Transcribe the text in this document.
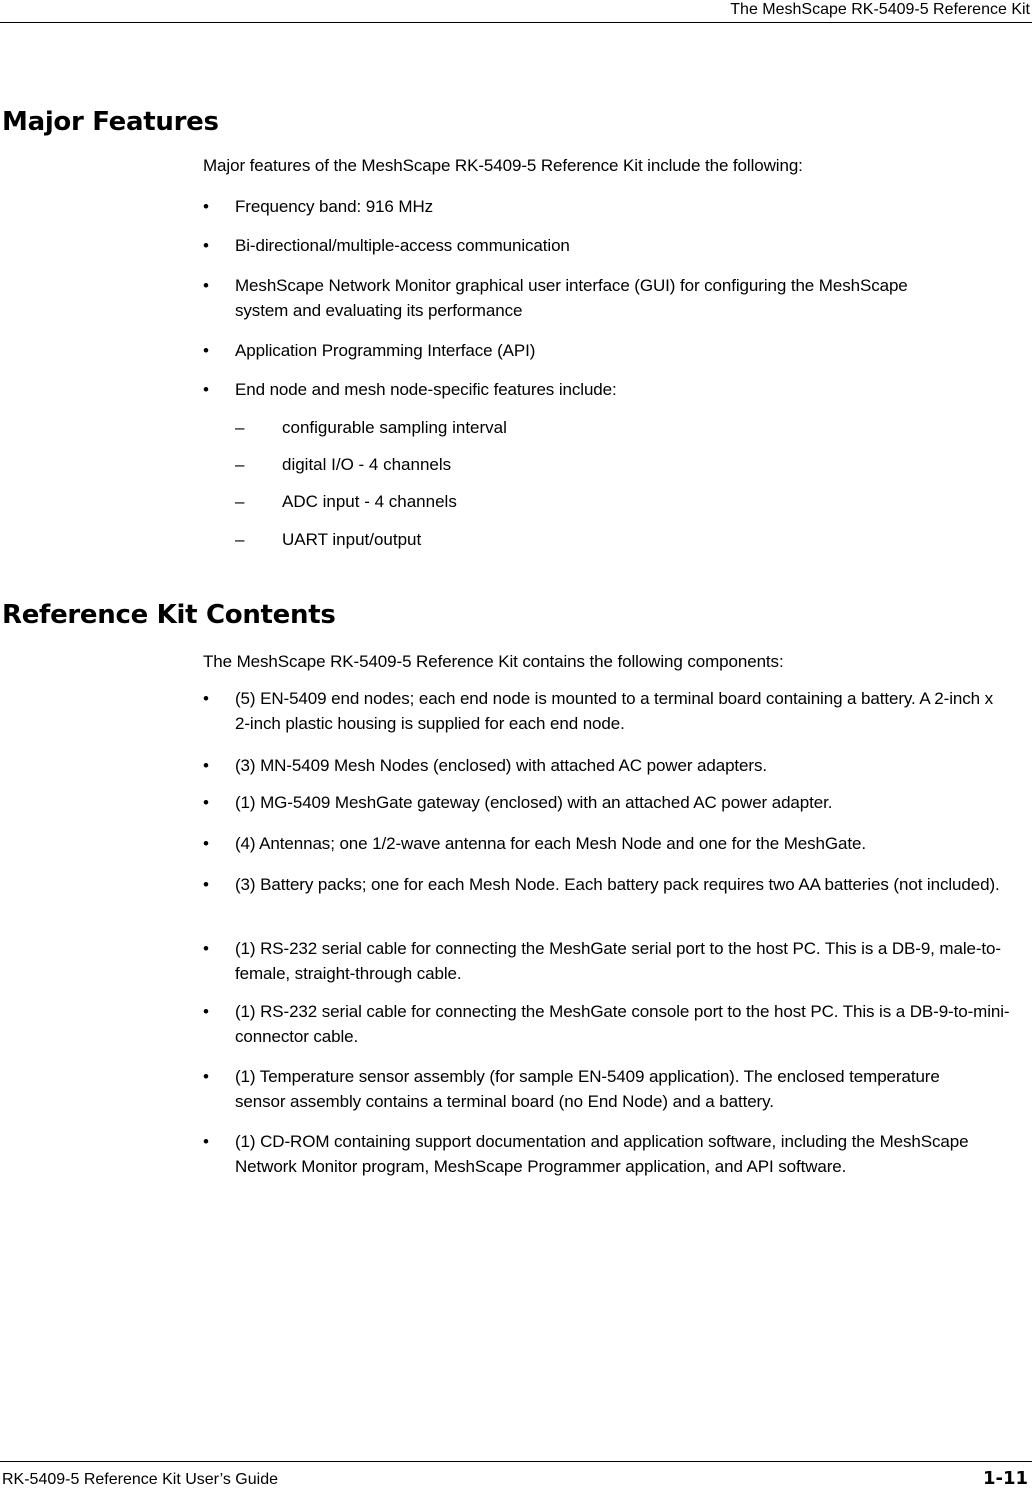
The MeshScape RK-5409-5 Reference Kit
Major Features
Major features of the MeshScape RK-5409-5 Reference Kit include the following:
• Frequency band: 916 MHz
• Bi-directional/multiple-access communication
• MeshScape Network Monitor graphical user interface (GUI) for configuring the MeshScape system and evaluating its performance
• Application Programming Interface (API)
• End node and mesh node-specific features include:
– configurable sampling interval
– digital I/O - 4 channels
– ADC input - 4 channels
– UART input/output
Reference Kit Contents
The MeshScape RK-5409-5 Reference Kit contains the following components:
• (5) EN-5409 end nodes; each end node is mounted to a terminal board containing a battery. A 2-inch x 2-inch plastic housing is supplied for each end node.
• (3) MN-5409 Mesh Nodes (enclosed) with attached AC power adapters.
• (1) MG-5409 MeshGate gateway (enclosed) with an attached AC power adapter.
• (4) Antennas; one 1/2-wave antenna for each Mesh Node and one for the MeshGate.
• (3) Battery packs; one for each Mesh Node. Each battery pack requires two AA batteries (not included).
• (1) RS-232 serial cable for connecting the MeshGate serial port to the host PC. This is a DB-9, male-to-female, straight-through cable.
• (1) RS-232 serial cable for connecting the MeshGate console port to the host PC. This is a DB-9-to-mini-connector cable.
• (1) Temperature sensor assembly (for sample EN-5409 application). The enclosed temperature sensor assembly contains a terminal board (no End Node) and a battery.
• (1) CD-ROM containing support documentation and application software, including the MeshScape Network Monitor program, MeshScape Programmer application, and API software.
RK-5409-5 Reference Kit User’s Guide	1-11
